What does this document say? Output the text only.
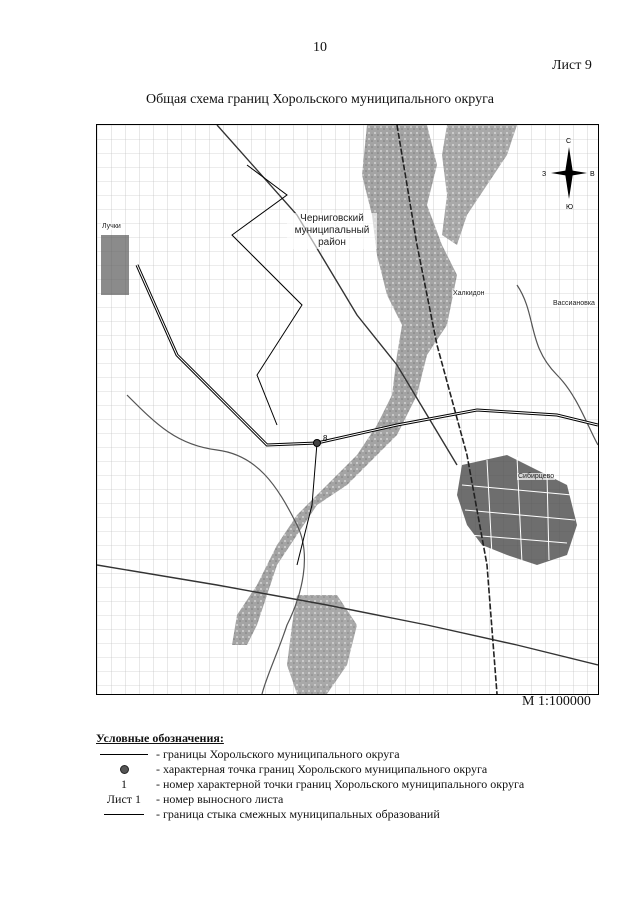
10
Лист 9
Общая схема границ Хорольского муниципального округа
8
С
Ю
З	В
Черниговский муниципальный район
Лучки
Сибирцево
Халкидон
Вассиановка
М 1:100000
Условные обозначения:
- границы Хорольского муниципального округа
- характерная точка границ Хорольского муниципального округа
1 - номер характерной точки границ Хорольского муниципального округа
Лист 1 - номер выносного листа
- граница стыка смежных муниципальных образований
